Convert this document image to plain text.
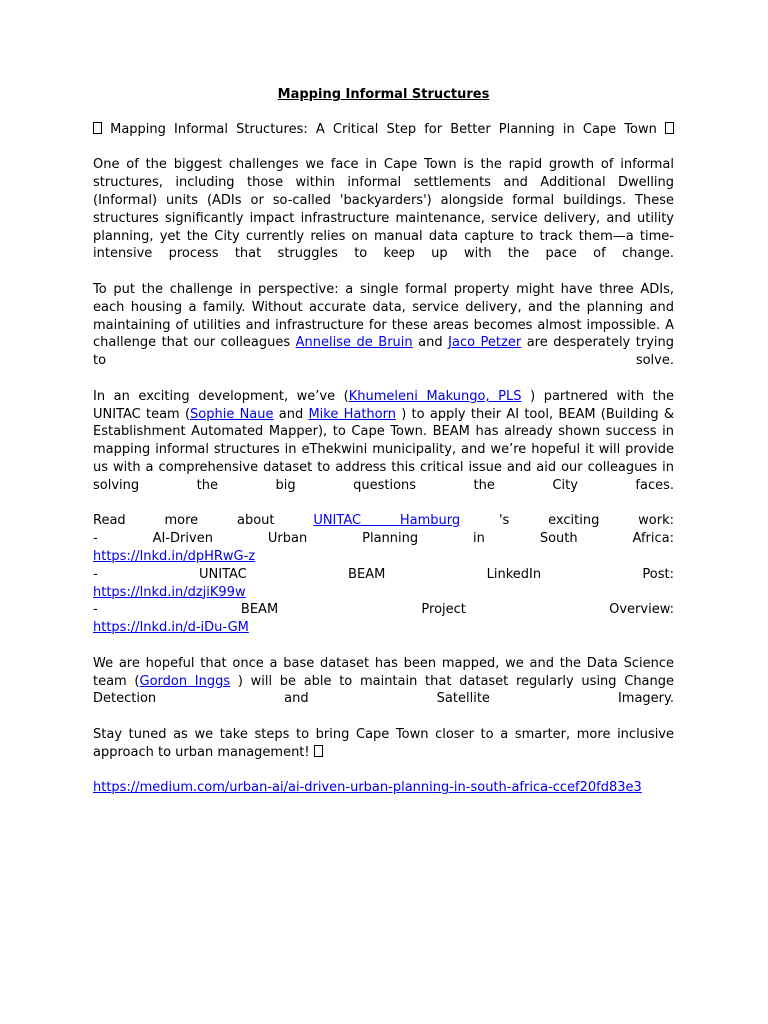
Mapping Informal Structures

Mapping Informal Structures: A Critical Step for Better Planning in Cape Town

One of the biggest challenges we face in Cape Town is the rapid growth of informal structures, including those within informal settlements and Additional Dwelling (Informal) units (ADIs or so-called 'backyarders') alongside formal buildings. These structures significantly impact infrastructure maintenance, service delivery, and utility planning, yet the City currently relies on manual data capture to track them—a time-intensive process that struggles to keep up with the pace of change.

To put the challenge in perspective: a single formal property might have three ADIs, each housing a family. Without accurate data, service delivery, and the planning and maintaining of utilities and infrastructure for these areas becomes almost impossible. A challenge that our colleagues Annelise de Bruin and Jaco Petzer are desperately trying to solve.

In an exciting development, we’ve (Khumeleni Makungo, PLS ) partnered with the UNITAC team (Sophie Naue and Mike Hathorn ) to apply their AI tool, BEAM (Building & Establishment Automated Mapper), to Cape Town. BEAM has already shown success in mapping informal structures in eThekwini municipality, and we’re hopeful it will provide us with a comprehensive dataset to address this critical issue and aid our colleagues in solving the big questions the City faces.

Read more about UNITAC Hamburg 's exciting work:
- AI-Driven Urban Planning in South Africa:
https://lnkd.in/dpHRwG-z
- UNITAC BEAM LinkedIn Post:
https://lnkd.in/dzjiK99w
- BEAM Project Overview:
https://lnkd.in/d-iDu-GM

We are hopeful that once a base dataset has been mapped, we and the Data Science team (Gordon Inggs ) will be able to maintain that dataset regularly using Change Detection and Satellite Imagery.

Stay tuned as we take steps to bring Cape Town closer to a smarter, more inclusive approach to urban management!

https://medium.com/urban-ai/ai-driven-urban-planning-in-south-africa-ccef20fd83e3
